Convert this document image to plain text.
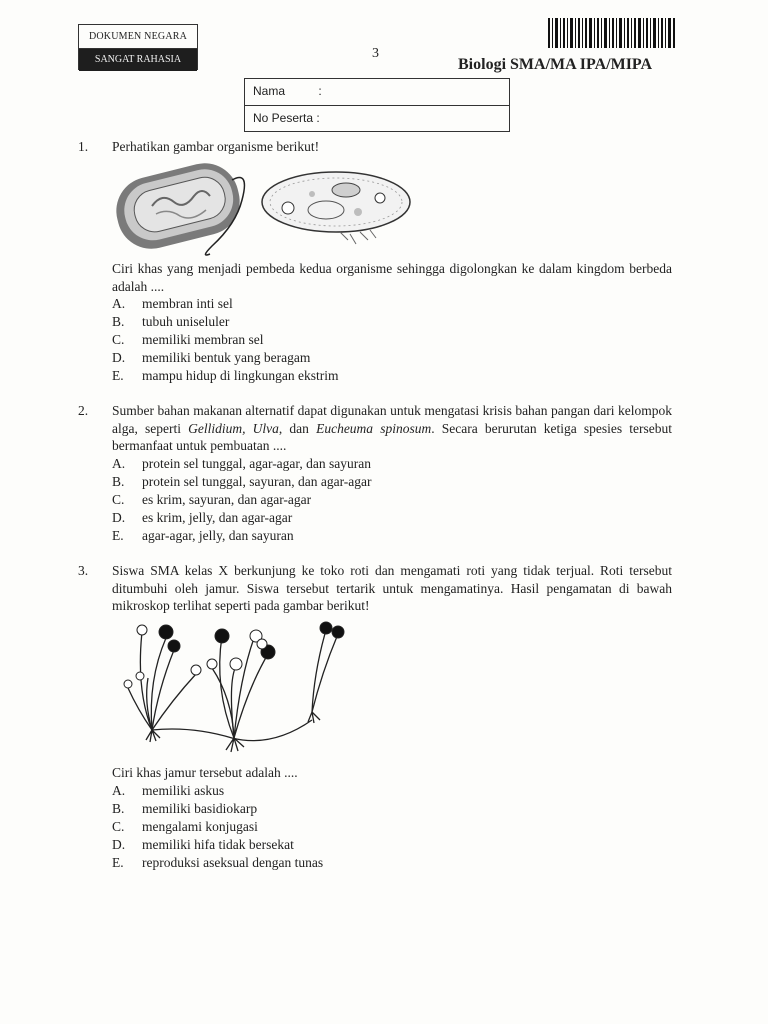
DOKUMEN NEGARA
SANGAT RAHASIA	3
Biologi SMA/MA IPA/MIPA
Nama	:
No Peserta :
1.	Perhatikan gambar organisme berikut!
Ciri khas yang menjadi pembeda kedua organisme sehingga digolongkan ke dalam kingdom berbeda adalah ....
A.	membran inti sel
B.	tubuh uniseluler
C.	memiliki membran sel
D.	memiliki bentuk yang beragam
E.	mampu hidup di lingkungan ekstrim
2.	Sumber bahan makanan alternatif dapat digunakan untuk mengatasi krisis bahan pangan dari kelompok alga, seperti Gellidium, Ulva, dan Eucheuma spinosum. Secara berurutan ketiga spesies tersebut bermanfaat untuk pembuatan ....
A.	protein sel tunggal, agar-agar, dan sayuran
B.	protein sel tunggal, sayuran, dan agar-agar
C.	es krim, sayuran, dan agar-agar
D.	es krim, jelly, dan agar-agar
E.	agar-agar, jelly, dan sayuran
3.	Siswa SMA kelas X berkunjung ke toko roti dan mengamati roti yang tidak terjual. Roti tersebut ditumbuhi oleh jamur. Siswa tersebut tertarik untuk mengamatinya. Hasil pengamatan di bawah mikroskop terlihat seperti pada gambar berikut!
Ciri khas jamur tersebut adalah ....
A.	memiliki askus
B.	memiliki basidiokarp
C.	mengalami konjugasi
D.	memiliki hifa tidak bersekat
E.	reproduksi aseksual dengan tunas
